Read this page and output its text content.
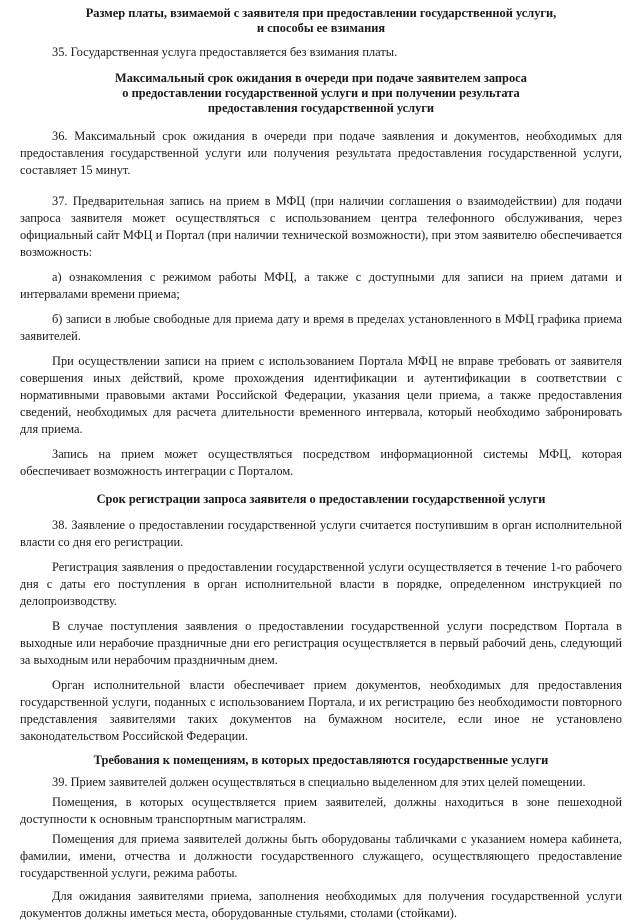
Размер платы, взимаемой с заявителя при предоставлении государственной услуги,
и способы ее взимания

35. Государственная услуга предоставляется без взимания платы.

Максимальный срок ожидания в очереди при подаче заявителем запроса
о предоставлении государственной услуги и при получении результата
предоставления государственной услуги

36. Максимальный срок ожидания в очереди при подаче заявления и документов, необходимых для предоставления государственной услуги или получения результата предоставления государственной услуги, составляет 15 минут.

37. Предварительная запись на прием в МФЦ (при наличии соглашения о взаимодействии) для подачи запроса заявителя может осуществляться с использованием центра телефонного обслуживания, через официальный сайт МФЦ и Портал (при наличии технической возможности), при этом заявителю обеспечивается возможность:

а) ознакомления с режимом работы МФЦ, а также с доступными для записи на прием датами и интервалами времени приема;

б) записи в любые свободные для приема дату и время в пределах установленного в МФЦ графика приема заявителей.

При осуществлении записи на прием с использованием Портала МФЦ не вправе требовать от заявителя совершения иных действий, кроме прохождения идентификации и аутентификации в соответствии с нормативными правовыми актами Российской Федерации, указания цели приема, а также предоставления сведений, необходимых для расчета длительности временного интервала, который необходимо забронировать для приема.

Запись на прием может осуществляться посредством информационной системы МФЦ, которая обеспечивает возможность интеграции с Порталом.

Срок регистрации запроса заявителя о предоставлении государственной услуги

38. Заявление о предоставлении государственной услуги считается поступившим в орган исполнительной власти со дня его регистрации.

Регистрация заявления о предоставлении государственной услуги осуществляется в течение 1-го рабочего дня с даты его поступления в орган исполнительной власти в порядке, определенном инструкцией по делопроизводству.

В случае поступления заявления о предоставлении государственной услуги посредством Портала в выходные или нерабочие праздничные дни его регистрация осуществляется в первый рабочий день, следующий за выходным или нерабочим праздничным днем.

Орган исполнительной власти обеспечивает прием документов, необходимых для предоставления государственной услуги, поданных с использованием Портала, и их регистрацию без необходимости повторного представления заявителями таких документов на бумажном носителе, если иное не установлено законодательством Российской Федерации.

Требования к помещениям, в которых предоставляются государственные услуги

39. Прием заявителей должен осуществляться в специально выделенном для этих целей помещении.

Помещения, в которых осуществляется прием заявителей, должны находиться в зоне пешеходной доступности к основным транспортным магистралям.

Помещения для приема заявителей должны быть оборудованы табличками с указанием номера кабинета, фамилии, имени, отчества и должности государственного служащего, осуществляющего предоставление государственной услуги, режима работы.

Для ожидания заявителями приема, заполнения необходимых для получения государственной услуги документов должны иметься места, оборудованные стульями, столами (стойками).
